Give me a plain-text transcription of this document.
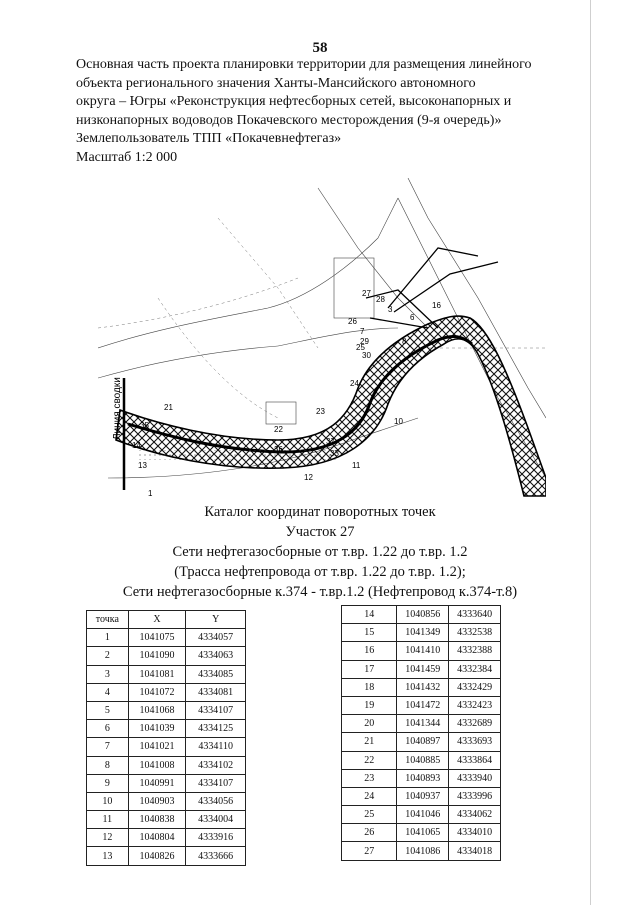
58
Основная часть проекта планировки территории для размещения линейного
объекта регионального значения Ханты-Мансийского автономного
округа – Югры «Реконструкция нефтесборных сетей, высоконапорных и
низконапорных водоводов Покачевского месторождения (9-я очередь)»
Землепользователь ТПП «Покачевнефтегаз»
Масштаб 1:2 000
Линия сводки
1
3
6
7
8
10
11
12
13
14
16
21
22
23
24
25
26
27
28
29
30
33
35
36
37
Каталог координат поворотных точек
Участок 27
Сети нефтегазосборные от т.вр. 1.22 до т.вр. 1.2
(Трасса нефтепровода от т.вр. 1.22 до т.вр. 1.2);
Сети нефтегазосборные к.374 - т.вр.1.2 (Нефтепровод к.374-т.8)
точка	X	Y
1	1041075	4334057
2	1041090	4334063
3	1041081	4334085
4	1041072	4334081
5	1041068	4334107
6	1041039	4334125
7	1041021	4334110
8	1041008	4334102
9	1040991	4334107
10	1040903	4334056
11	1040838	4334004
12	1040804	4333916
13	1040826	4333666
14	1040856	4333640
15	1041349	4332538
16	1041410	4332388
17	1041459	4332384
18	1041432	4332429
19	1041472	4332423
20	1041344	4332689
21	1040897	4333693
22	1040885	4333864
23	1040893	4333940
24	1040937	4333996
25	1041046	4334062
26	1041065	4334010
27	1041086	4334018
